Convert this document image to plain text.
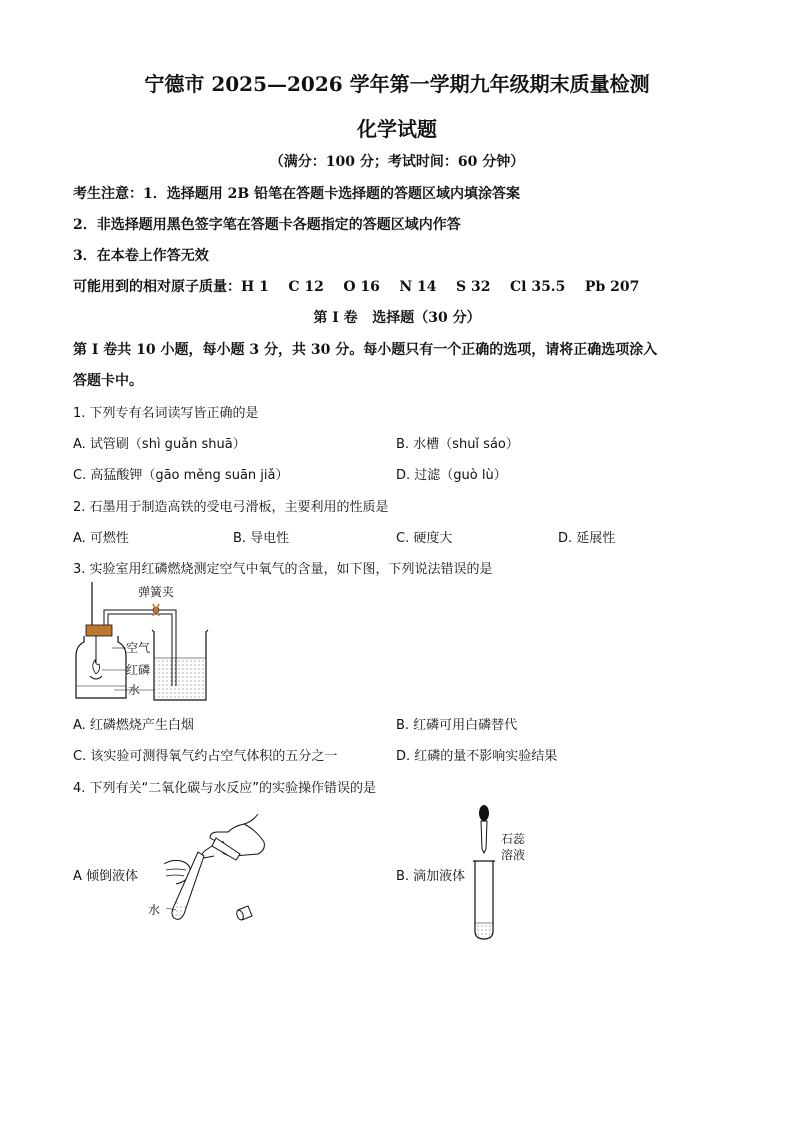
宁德市 2025—2026 学年第一学期九年级期末质量检测
化学试题
（满分：100 分；考试时间：60 分钟）
考生注意：1．选择题用 2B 铅笔在答题卡选择题的答题区域内填涂答案
2．非选择题用黑色签字笔在答题卡各题指定的答题区域内作答
3．在本卷上作答无效
可能用到的相对原子质量：H 1    C 12    O 16    N 14    S 32    Cl 35.5    Pb 207
第 I 卷   选择题（30 分）
第 I 卷共 10 小题，每小题 3 分，共 30 分。每小题只有一个正确的选项，请将正确选项涂入
答题卡中。
1. 下列专有名词读写皆正确的是
A. 试管刷（shì guǎn shuā）	B. 水槽（shuǐ sáo）
C. 高猛酸钾（gāo měng suān jiǎ）	D. 过滤（guò lù）
2. 石墨用于制造高铁的受电弓滑板，主要利用的性质是
A. 可燃性	B. 导电性	C. 硬度大	D. 延展性
3. 实验室用红磷燃烧测定空气中氧气的含量，如下图，下列说法错误的是
空气
红磷
水
弹簧夹
A. 红磷燃烧产生白烟	B. 红磷可用白磷替代
C. 该实验可测得氧气约占空气体积的五分之一	D. 红磷的量不影响实验结果
4. 下列有关“二氧化碳与水反应”的实验操作错误的是
A 倾倒液体
水
B. 滴加液体
石蕊
溶液
